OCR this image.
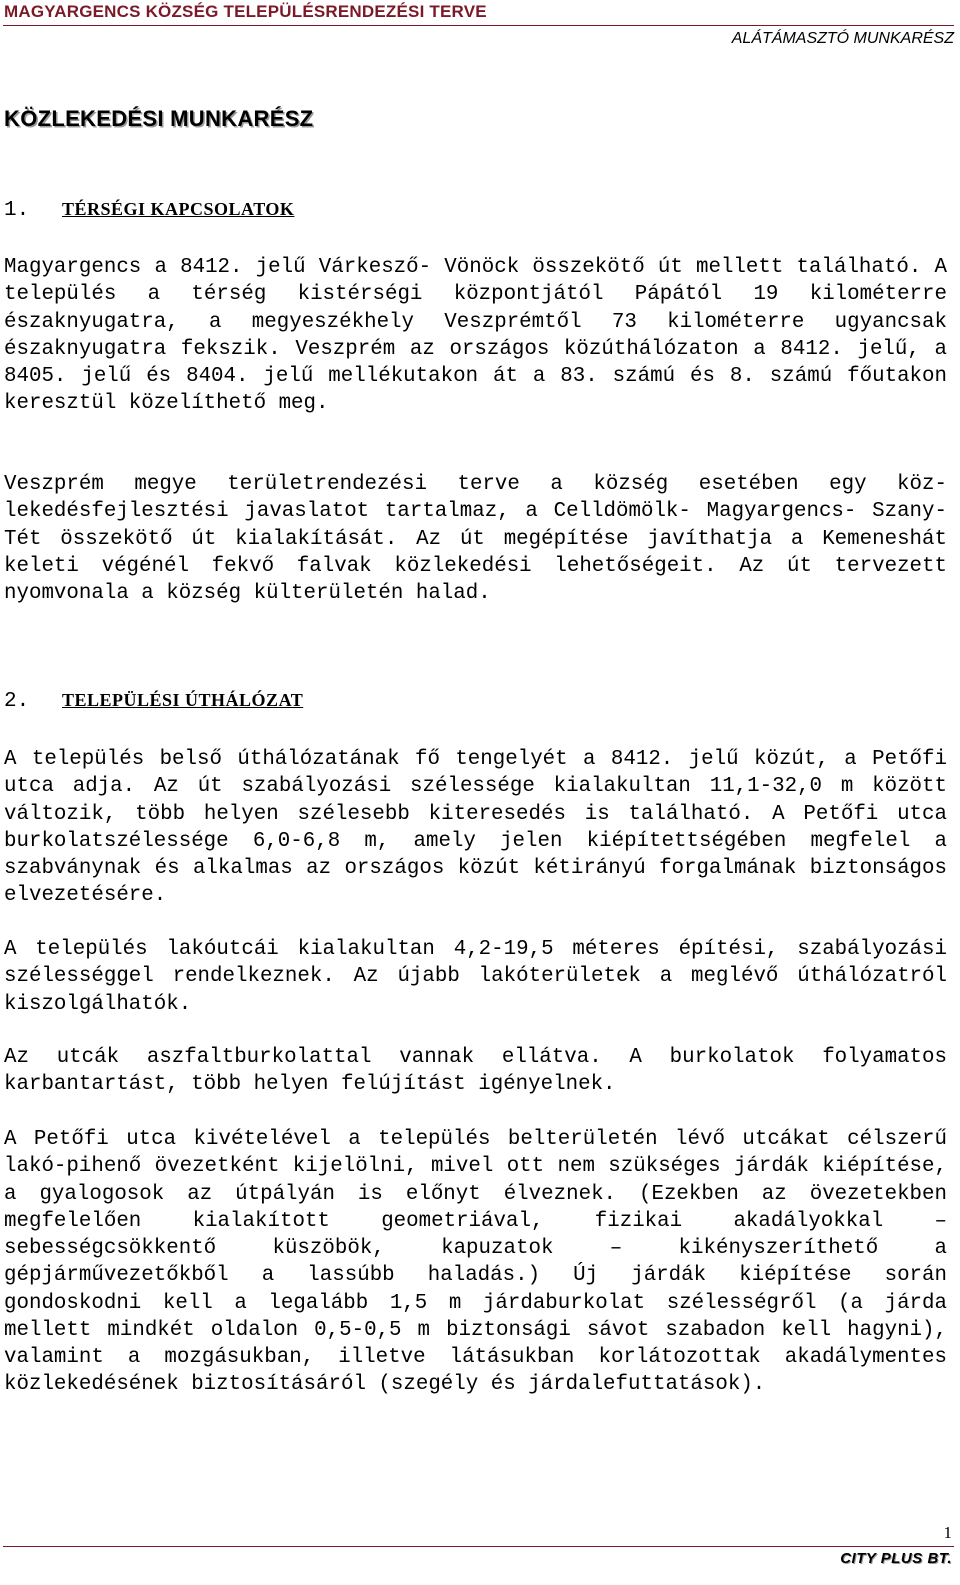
MAGYARGENCS KÖZSÉG TELEPÜLÉSRENDEZÉSI TERVE
ALÁTÁMASZTÓ MUNKARÉSZ
KÖZLEKEDÉSI MUNKARÉSZ
1. TÉRSÉGI KAPCSOLATOK

Magyargencs a 8412. jelű Várkesző- Vönöck összekötő út mellett található. A település a térség kistérségi központjától Pápától 19 kilométerre északnyugatra, a megyeszékhely Veszprémtől 73 kilométerre ugyancsak északnyugatra fekszik. Veszprém az országos közúthálózaton a 8412. jelű, a 8405. jelű és 8404. jelű mellékutakon át a 83. számú és 8. számú főutakon keresztül közelíthető meg.

Veszprém megye területrendezési terve a község esetében egy közlekedésfejlesztési javaslatot tartalmaz, a Celldömölk- Magyargencs- Szany- Tét összekötő út kialakítását. Az út megépítése javíthatja a Kemeneshát keleti végénél fekvő falvak közlekedési lehetőségeit. Az út tervezett nyomvonala a község külterületén halad.

2. TELEPÜLÉSI ÚTHÁLÓZAT

A település belső úthálózatának fő tengelyét a 8412. jelű közút, a Petőfi utca adja. Az út szabályozási szélessége kialakultan 11,1-32,0 m között változik, több helyen szélesebb kiteresedés is található. A Petőfi utca burkolatszélessége 6,0-6,8 m, amely jelen kiépítettségében megfelel a szabványnak és alkalmas az országos közút kétirányú forgalmának biztonságos elvezetésére.

A település lakóutcái kialakultan 4,2-19,5 méteres építési, szabályozási szélességgel rendelkeznek. Az újabb lakóterületek a meglévő úthálózatról kiszolgálhatók.

Az utcák aszfaltburkolattal vannak ellátva. A burkolatok folyamatos karbantartást, több helyen felújítást igényelnek.

A Petőfi utca kivételével a település belterületén lévő utcákat célszerű lakó-pihenő övezetként kijelölni, mivel ott nem szükséges járdák kiépítése, a gyalogosok az útpályán is előnyt élveznek. (Ezekben az övezetekben megfelelően kialakított geometriával, fizikai akadályokkal – sebességcsökkentő küszöbök, kapuzatok – kikényszeríthető a gépjárművezetőkből a lassúbb haladás.) Új járdák kiépítése során gondoskodni kell a legalább 1,5 m járdaburkolat szélességről (a járda mellett mindkét oldalon 0,5-0,5 m biztonsági sávot szabadon kell hagyni), valamint a mozgásukban, illetve látásukban korlátozottak akadálymentes közlekedésének biztosításáról (szegély és járdalefuttatások).

1
CITY PLUS BT.
